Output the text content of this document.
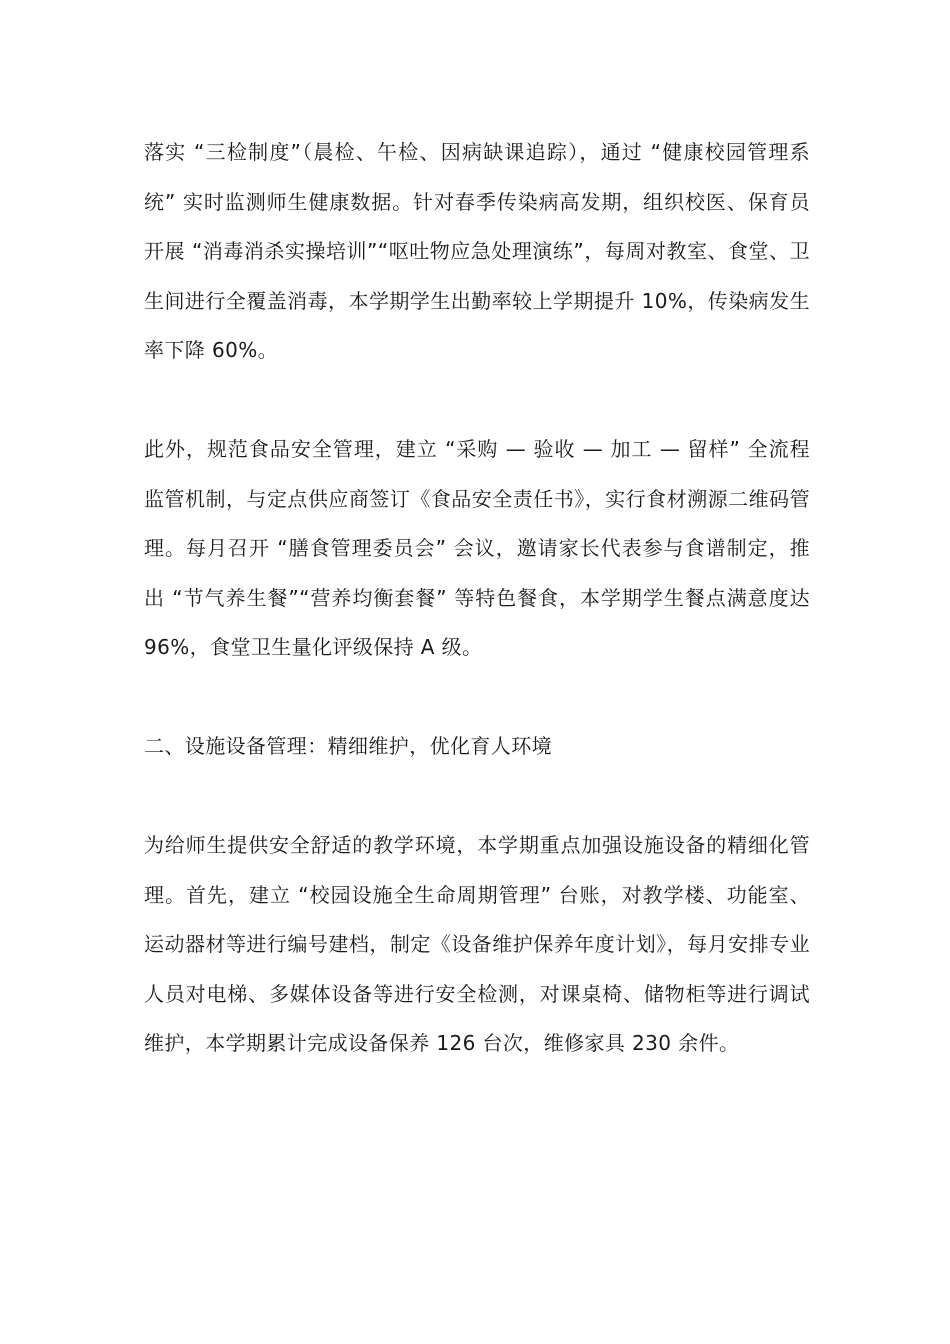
落实 “三检制度”（晨检、午检、因病缺课追踪），通过 “健康校园管理系统” 实时监测师生健康数据。针对春季传染病高发期，组织校医、保育员开展 “消毒消杀实操培训”“呕吐物应急处理演练”，每周对教室、食堂、卫生间进行全覆盖消毒，本学期学生出勤率较上学期提升 10%，传染病发生率下降 60%。

此外，规范食品安全管理，建立 “采购 — 验收 — 加工 — 留样” 全流程监管机制，与定点供应商签订《食品安全责任书》，实行食材溯源二维码管理。每月召开 “膳食管理委员会” 会议，邀请家长代表参与食谱制定，推出 “节气养生餐”“营养均衡套餐” 等特色餐食，本学期学生餐点满意度达 96%，食堂卫生量化评级保持 A 级。

二、设施设备管理：精细维护，优化育人环境

为给师生提供安全舒适的教学环境，本学期重点加强设施设备的精细化管理。首先，建立 “校园设施全生命周期管理” 台账，对教学楼、功能室、运动器材等进行编号建档，制定《设备维护保养年度计划》，每月安排专业人员对电梯、多媒体设备等进行安全检测，对课桌椅、储物柜等进行调试维护，本学期累计完成设备保养 126 台次，维修家具 230 余件。
